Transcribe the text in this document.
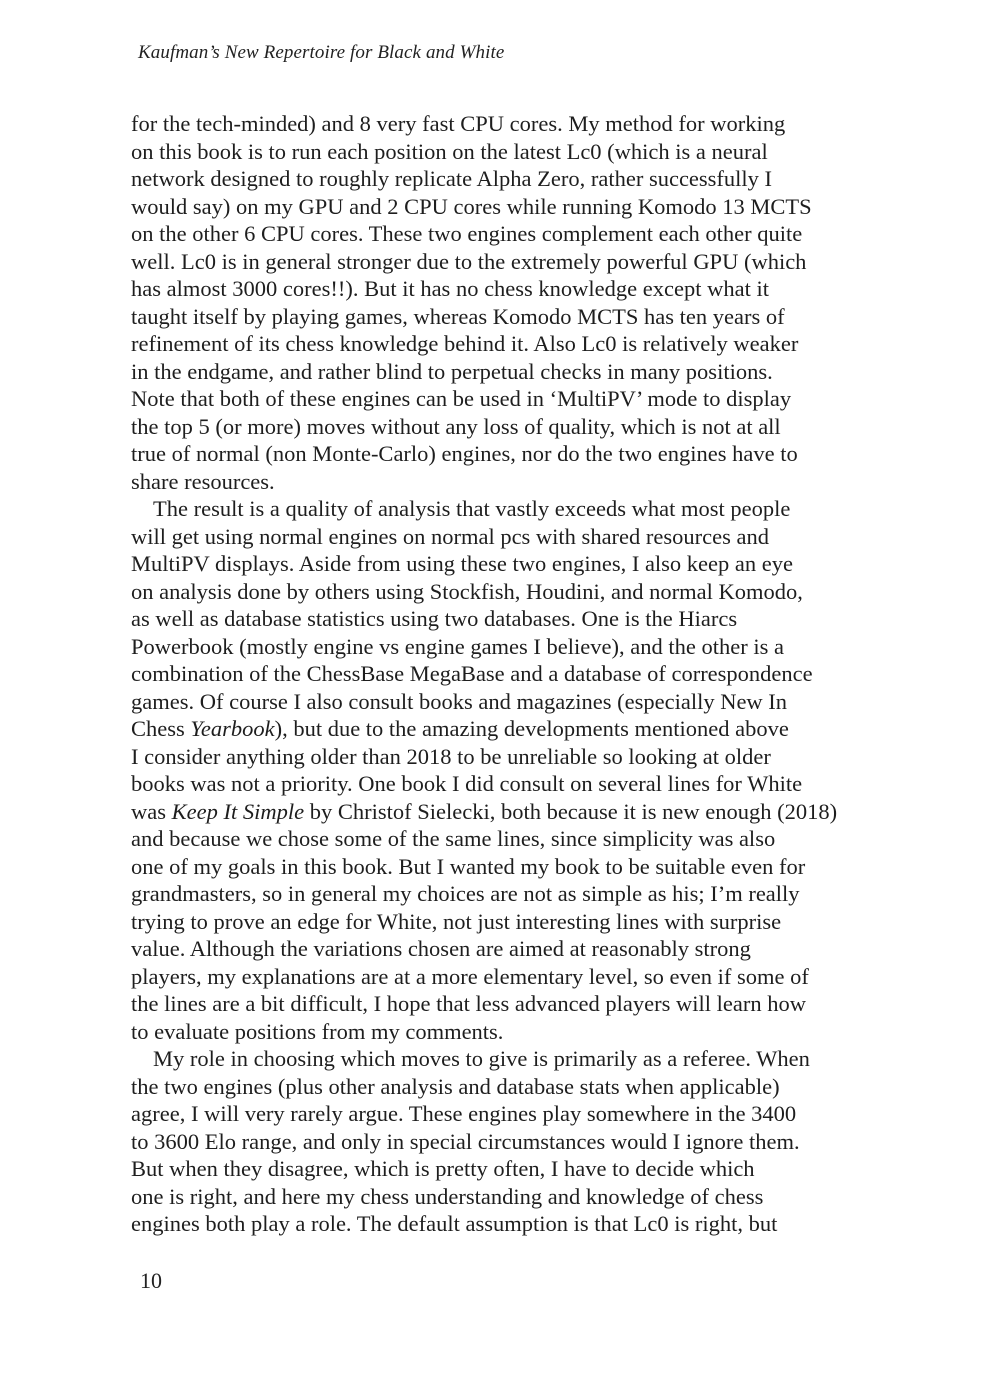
Kaufman’s New Repertoire for Black and White
for the tech-minded) and 8 very fast CPU cores. My method for working
on this book is to run each position on the latest Lc0 (which is a neural
network designed to roughly replicate Alpha Zero, rather successfully I
would say) on my GPU and 2 CPU cores while running Komodo 13 MCTS
on the other 6 CPU cores. These two engines complement each other quite
well. Lc0 is in general stronger due to the extremely powerful GPU (which
has almost 3000 cores!!). But it has no chess knowledge except what it
taught itself by playing games, whereas Komodo MCTS has ten years of
refinement of its chess knowledge behind it. Also Lc0 is relatively weaker
in the endgame, and rather blind to perpetual checks in many positions.
Note that both of these engines can be used in ‘MultiPV’ mode to display
the top 5 (or more) moves without any loss of quality, which is not at all
true of normal (non Monte-Carlo) engines, nor do the two engines have to
share resources.
The result is a quality of analysis that vastly exceeds what most people
will get using normal engines on normal pcs with shared resources and
MultiPV displays. Aside from using these two engines, I also keep an eye
on analysis done by others using Stockfish, Houdini, and normal Komodo,
as well as database statistics using two databases. One is the Hiarcs
Powerbook (mostly engine vs engine games I believe), and the other is a
combination of the ChessBase MegaBase and a database of correspondence
games. Of course I also consult books and magazines (especially New In
Chess Yearbook), but due to the amazing developments mentioned above
I consider anything older than 2018 to be unreliable so looking at older
books was not a priority. One book I did consult on several lines for White
was Keep It Simple by Christof Sielecki, both because it is new enough (2018)
and because we chose some of the same lines, since simplicity was also
one of my goals in this book. But I wanted my book to be suitable even for
grandmasters, so in general my choices are not as simple as his; I’m really
trying to prove an edge for White, not just interesting lines with surprise
value. Although the variations chosen are aimed at reasonably strong
players, my explanations are at a more elementary level, so even if some of
the lines are a bit difficult, I hope that less advanced players will learn how
to evaluate positions from my comments.
My role in choosing which moves to give is primarily as a referee. When
the two engines (plus other analysis and database stats when applicable)
agree, I will very rarely argue. These engines play somewhere in the 3400
to 3600 Elo range, and only in special circumstances would I ignore them.
But when they disagree, which is pretty often, I have to decide which
one is right, and here my chess understanding and knowledge of chess
engines both play a role. The default assumption is that Lc0 is right, but
10
